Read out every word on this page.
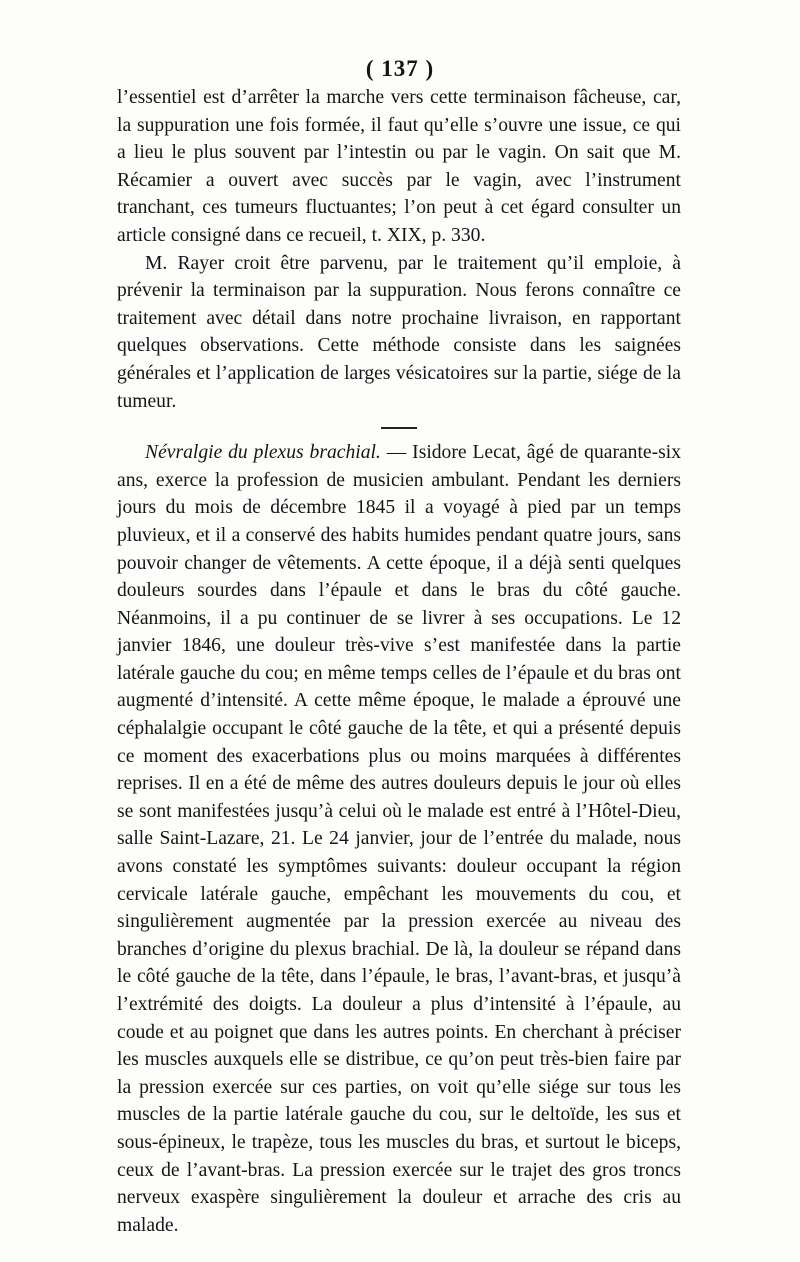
( 137 )

l’essentiel est d’arrêter la marche vers cette terminaison fâcheuse, car, la suppuration une fois formée, il faut qu’elle s’ouvre une issue, ce qui a lieu le plus souvent par l’intestin ou par le vagin. On sait que M. Récamier a ouvert avec succès par le vagin, avec l’instrument tranchant, ces tumeurs fluctuantes; l’on peut à cet égard consulter un article consigné dans ce recueil, t. XIX, p. 330.

M. Rayer croit être parvenu, par le traitement qu’il emploie, à prévenir la terminaison par la suppuration. Nous ferons connaître ce traitement avec détail dans notre prochaine livraison, en rapportant quelques observations. Cette méthode consiste dans les saignées générales et l’application de larges vésicatoires sur la partie, siége de la tumeur.

Névralgie du plexus brachial. — Isidore Lecat, âgé de quarante-six ans, exerce la profession de musicien ambulant. Pendant les derniers jours du mois de décembre 1845 il a voyagé à pied par un temps pluvieux, et il a conservé des habits humides pendant quatre jours, sans pouvoir changer de vêtements. A cette époque, il a déjà senti quelques douleurs sourdes dans l’épaule et dans le bras du côté gauche. Néanmoins, il a pu continuer de se livrer à ses occupations. Le 12 janvier 1846, une douleur très-vive s’est manifestée dans la partie latérale gauche du cou; en même temps celles de l’épaule et du bras ont augmenté d’intensité. A cette même époque, le malade a éprouvé une céphalalgie occupant le côté gauche de la tête, et qui a présenté depuis ce moment des exacerbations plus ou moins marquées à différentes reprises. Il en a été de même des autres douleurs depuis le jour où elles se sont manifestées jusqu’à celui où le malade est entré à l’Hôtel-Dieu, salle Saint-Lazare, 21. Le 24 janvier, jour de l’entrée du malade, nous avons constaté les symptômes suivants: douleur occupant la région cervicale latérale gauche, empêchant les mouvements du cou, et singulièrement augmentée par la pression exercée au niveau des branches d’origine du plexus brachial. De là, la douleur se répand dans le côté gauche de la tête, dans l’épaule, le bras, l’avant-bras, et jusqu’à l’extrémité des doigts. La douleur a plus d’intensité à l’épaule, au coude et au poignet que dans les autres points. En cherchant à préciser les muscles auxquels elle se distribue, ce qu’on peut très-bien faire par la pression exercée sur ces parties, on voit qu’elle siége sur tous les muscles de la partie latérale gauche du cou, sur le deltoïde, les sus et sous-épineux, le trapèze, tous les muscles du bras, et surtout le biceps, ceux de l’avant-bras. La pression exercée sur le trajet des gros troncs nerveux exaspère singulièrement la douleur et arrache des cris au malade.
